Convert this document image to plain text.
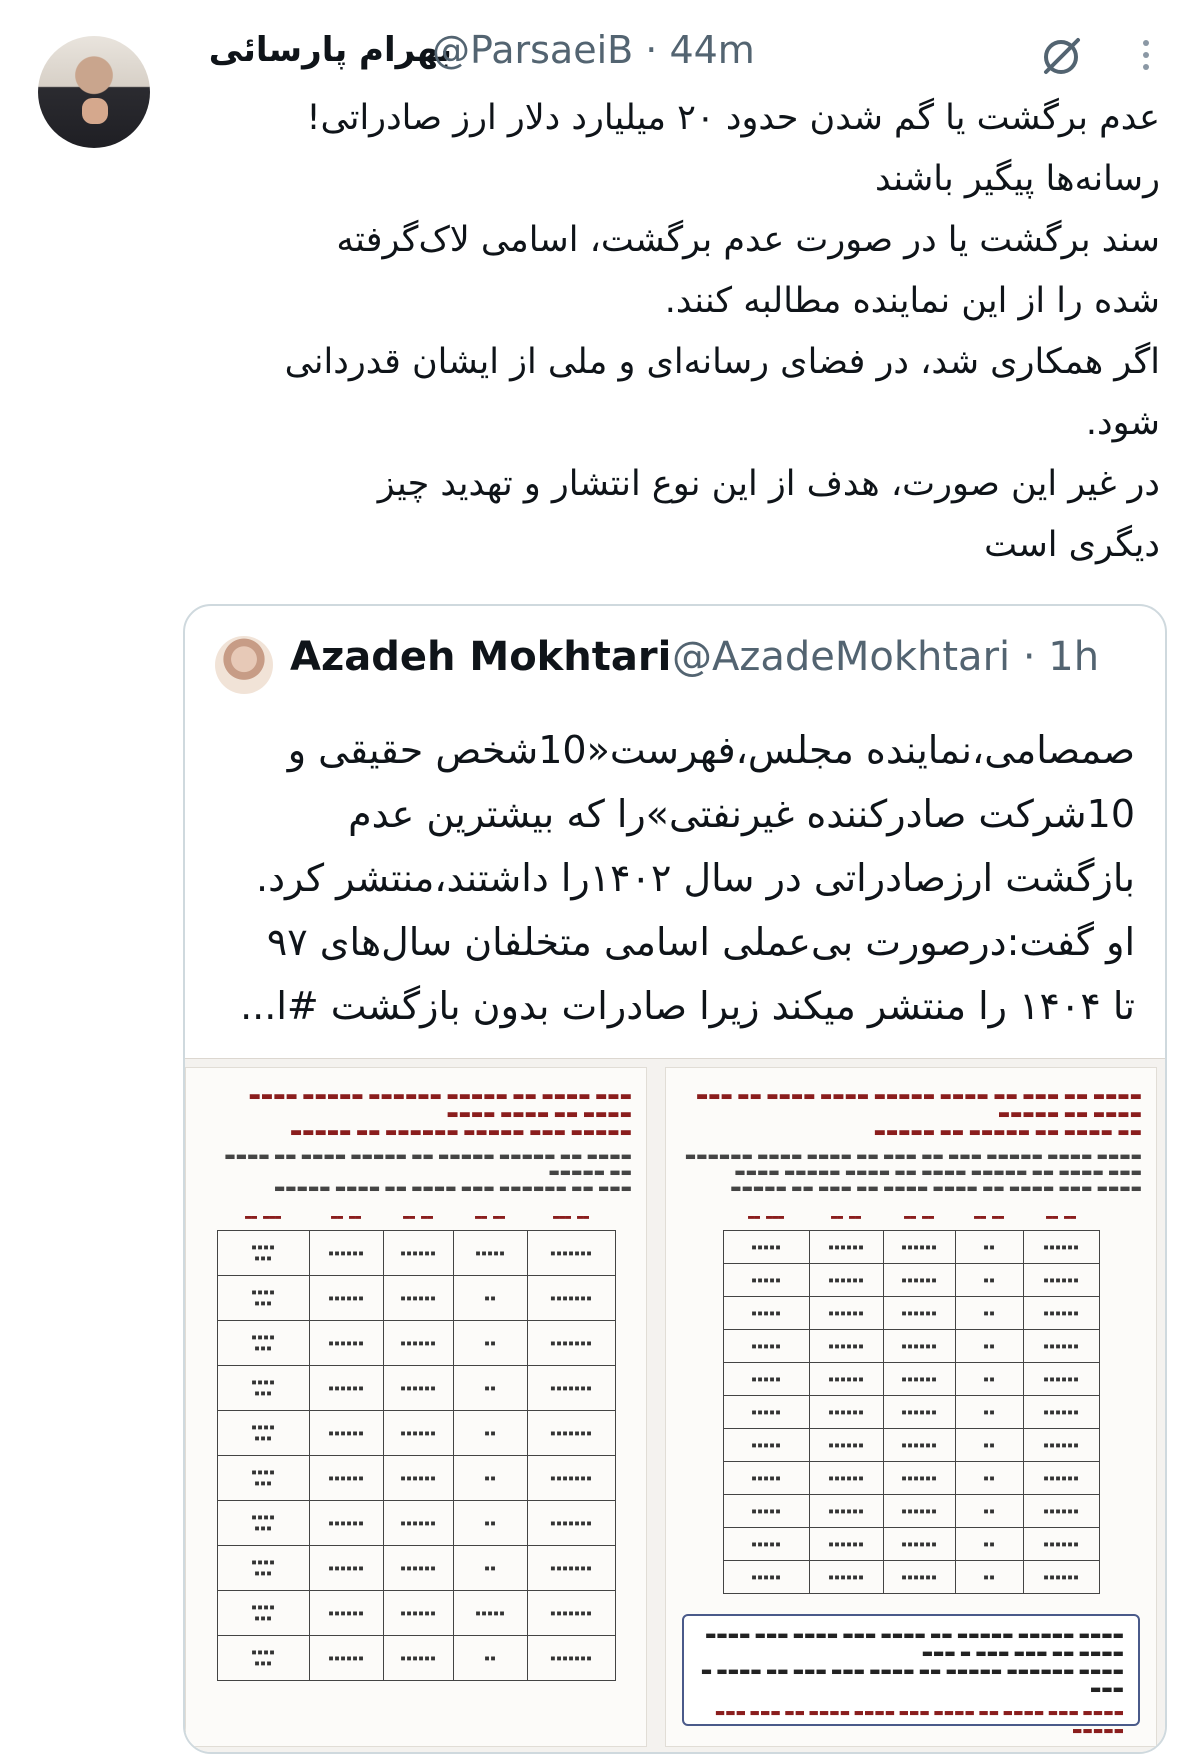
بهرام پارسائی
@ParsaeiB · 44m

عدم برگشت یا گم شدن حدود ۲۰ میلیارد دلار ارز صادراتی!

رسانه‌ها پیگیر باشند

سند برگشت یا در صورت عدم برگشت، اسامی لاک‌گرفته

شده را از این نماینده مطالبه کنند.

اگر همکاری شد، در فضای رسانه‌ای و ملی از ایشان قدردانی

شود.

در غیر این صورت، هدف از این نوع انتشار و تهدید چیز

دیگری است

Azadeh Mokhtari @AzadeMokhtari · 1h

صمصامی،نماینده مجلس،فهرست«10شخص حقیقی و

10شرکت صادرکننده غیرنفتی»را که بیشترین عدم

بازگشت ارزصادراتی در سال ۱۴۰۲را داشتند،منتشر کرد.

او گفت:درصورت بی‌عملی اسامی متخلفان سال‌های ۹۷

تا ۱۴۰۴ را منتشر میکند زیرا صادرات بدون بازگشت #ا...

▬▬▬ ▬▬▬▬ ▬▬ ▬▬▬▬▬ ▬▬▬▬▬▬ ▬▬▬▬▬ ▬▬▬▬ ▬▬▬▬ ▬▬ ▬▬▬▬ ▬▬▬▬
▬▬▬▬▬ ▬▬▬ ▬▬▬▬▬ ▬▬▬▬▬▬ ▬▬ ▬▬▬▬▬
▬▬▬▬ ▬▬ ▬▬▬▬▬ ▬▬▬▬▬ ▬▬ ▬▬▬▬▬ ▬▬▬▬ ▬▬ ▬▬▬▬ ▬▬ ▬▬▬▬▬
▬▬▬ ▬▬ ▬▬▬▬▬▬ ▬▬▬ ▬▬▬▬ ▬▬ ▬▬▬▬ ▬▬▬▬▬
▬▬ ▬▬▬	▬▬ ▬▬	▬▬ ▬▬	▬▬ ▬▬	▬▬▬ ▬▬
▪▪▪▪▪▪▪	▪▪▪▪▪	▪▪▪▪▪▪	▪▪▪▪▪▪	▪▪▪▪
▪▪▪
▪▪▪▪▪▪▪	▪▪	▪▪▪▪▪▪	▪▪▪▪▪▪	▪▪▪▪
▪▪▪
▪▪▪▪▪▪▪	▪▪	▪▪▪▪▪▪	▪▪▪▪▪▪	▪▪▪▪
▪▪▪
▪▪▪▪▪▪▪	▪▪	▪▪▪▪▪▪	▪▪▪▪▪▪	▪▪▪▪
▪▪▪
▪▪▪▪▪▪▪	▪▪	▪▪▪▪▪▪	▪▪▪▪▪▪	▪▪▪▪
▪▪▪
▪▪▪▪▪▪▪	▪▪	▪▪▪▪▪▪	▪▪▪▪▪▪	▪▪▪▪
▪▪▪
▪▪▪▪▪▪▪	▪▪	▪▪▪▪▪▪	▪▪▪▪▪▪	▪▪▪▪
▪▪▪
▪▪▪▪▪▪▪	▪▪	▪▪▪▪▪▪	▪▪▪▪▪▪	▪▪▪▪
▪▪▪
▪▪▪▪▪▪▪	▪▪▪▪▪	▪▪▪▪▪▪	▪▪▪▪▪▪	▪▪▪▪
▪▪▪
▪▪▪▪▪▪▪	▪▪	▪▪▪▪▪▪	▪▪▪▪▪▪	▪▪▪▪
▪▪▪
▬▬▬▬ ▬▬ ▬▬▬ ▬▬ ▬▬▬▬ ▬▬▬▬▬ ▬▬▬▬ ▬▬▬▬ ▬▬ ▬▬▬ ▬▬▬▬ ▬▬ ▬▬▬▬▬
▬▬ ▬▬▬▬ ▬▬ ▬▬▬▬▬ ▬▬ ▬▬▬▬▬
▬▬▬▬ ▬▬▬▬ ▬▬▬▬▬ ▬▬▬ ▬▬ ▬▬▬ ▬▬ ▬▬▬▬ ▬▬▬▬ ▬▬▬▬▬▬
▬▬▬ ▬▬▬▬ ▬▬ ▬▬▬▬▬ ▬▬▬▬ ▬▬ ▬▬▬▬ ▬▬▬▬▬ ▬▬▬▬
▬▬▬▬ ▬▬▬ ▬▬▬▬ ▬▬ ▬▬▬▬ ▬▬▬▬ ▬▬ ▬▬▬ ▬▬ ▬▬▬▬▬
▬▬ ▬▬	▬▬ ▬▬	▬▬ ▬▬	▬▬ ▬▬	▬▬▬ ▬▬
▪▪▪▪▪▪	▪▪	▪▪▪▪▪▪	▪▪▪▪▪▪	▪▪▪▪▪
▪▪▪▪▪▪	▪▪	▪▪▪▪▪▪	▪▪▪▪▪▪	▪▪▪▪▪
▪▪▪▪▪▪	▪▪	▪▪▪▪▪▪	▪▪▪▪▪▪	▪▪▪▪▪
▪▪▪▪▪▪	▪▪	▪▪▪▪▪▪	▪▪▪▪▪▪	▪▪▪▪▪
▪▪▪▪▪▪	▪▪	▪▪▪▪▪▪	▪▪▪▪▪▪	▪▪▪▪▪
▪▪▪▪▪▪	▪▪	▪▪▪▪▪▪	▪▪▪▪▪▪	▪▪▪▪▪
▪▪▪▪▪▪	▪▪	▪▪▪▪▪▪	▪▪▪▪▪▪	▪▪▪▪▪
▪▪▪▪▪▪	▪▪	▪▪▪▪▪▪	▪▪▪▪▪▪	▪▪▪▪▪
▪▪▪▪▪▪	▪▪	▪▪▪▪▪▪	▪▪▪▪▪▪	▪▪▪▪▪
▪▪▪▪▪▪	▪▪	▪▪▪▪▪▪	▪▪▪▪▪▪	▪▪▪▪▪
▪▪▪▪▪▪	▪▪	▪▪▪▪▪▪	▪▪▪▪▪▪	▪▪▪▪▪
▬▬▬▬ ▬▬▬▬▬ ▬▬▬▬▬ ▬▬ ▬▬▬▬ ▬▬▬ ▬▬▬▬ ▬▬▬ ▬▬▬▬ ▬▬▬▬ ▬▬ ▬▬▬ ▬▬▬ ▬ ▬▬▬
▬▬▬▬ ▬▬▬▬▬▬ ▬▬▬▬▬ ▬▬ ▬▬▬▬ ▬▬▬ ▬▬▬ ▬▬ ▬▬▬▬ ▬ ▬▬▬
▬▬▬▬ ▬▬▬ ▬▬▬▬ ▬▬ ▬▬▬▬ ▬▬▬ ▬▬▬▬ ▬▬▬▬ ▬▬ ▬▬▬ ▬▬▬ ▬▬▬▬▬
